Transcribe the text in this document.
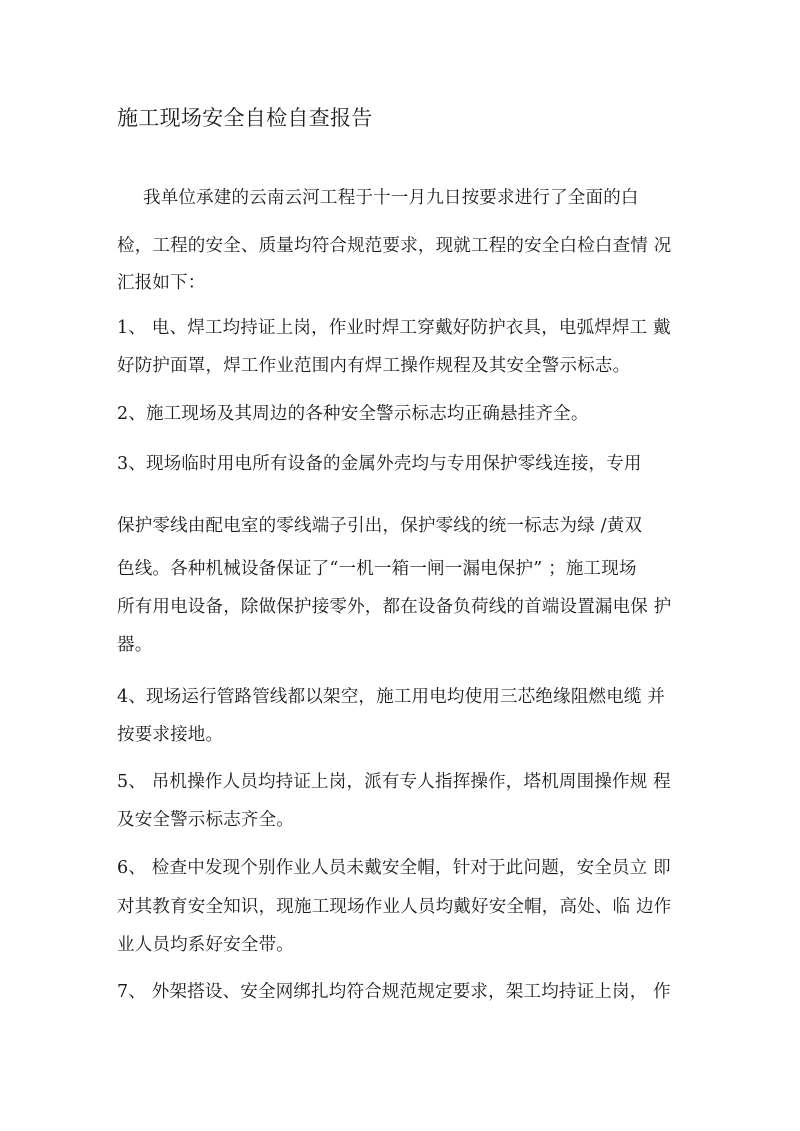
施工现场安全自检自查报告

我单位承建的云南云河工程于十一月九日按要求进行了全面的白

检，工程的安全、质量均符合规范要求，现就工程的安全白检白查情 况

汇报如下：

1、 电、焊工均持证上岗，作业时焊工穿戴好防护衣具，电弧焊焊工 戴

好防护面罩，焊工作业范围内有焊工操作规程及其安全警示标志。

2、施工现场及其周边的各种安全警示标志均正确悬挂齐全。

3、现场临时用电所有设备的金属外壳均与专用保护零线连接，专用

保护零线由配电室的零线端子引出，保护零线的统一标志为绿 /黄双

色线。各种机械设备保证了“一机一箱一闸一漏电保护” ；施工现场

所有用电设备，除做保护接零外，都在设备负荷线的首端设置漏电保 护

器。

4、现场运行管路管线都以架空，施工用电均使用三芯绝缘阻燃电缆 并

按要求接地。

5、 吊机操作人员均持证上岗，派有专人指挥操作，塔机周围操作规 程

及安全警示标志齐全。

6、 检查中发现个别作业人员未戴安全帽，针对于此问题，安全员立 即

对其教育安全知识，现施工现场作业人员均戴好安全帽，高处、临 边作

业人员均系好安全带。

7、 外架搭设、安全网绑扎均符合规范规定要求，架工均持证上岗， 作
